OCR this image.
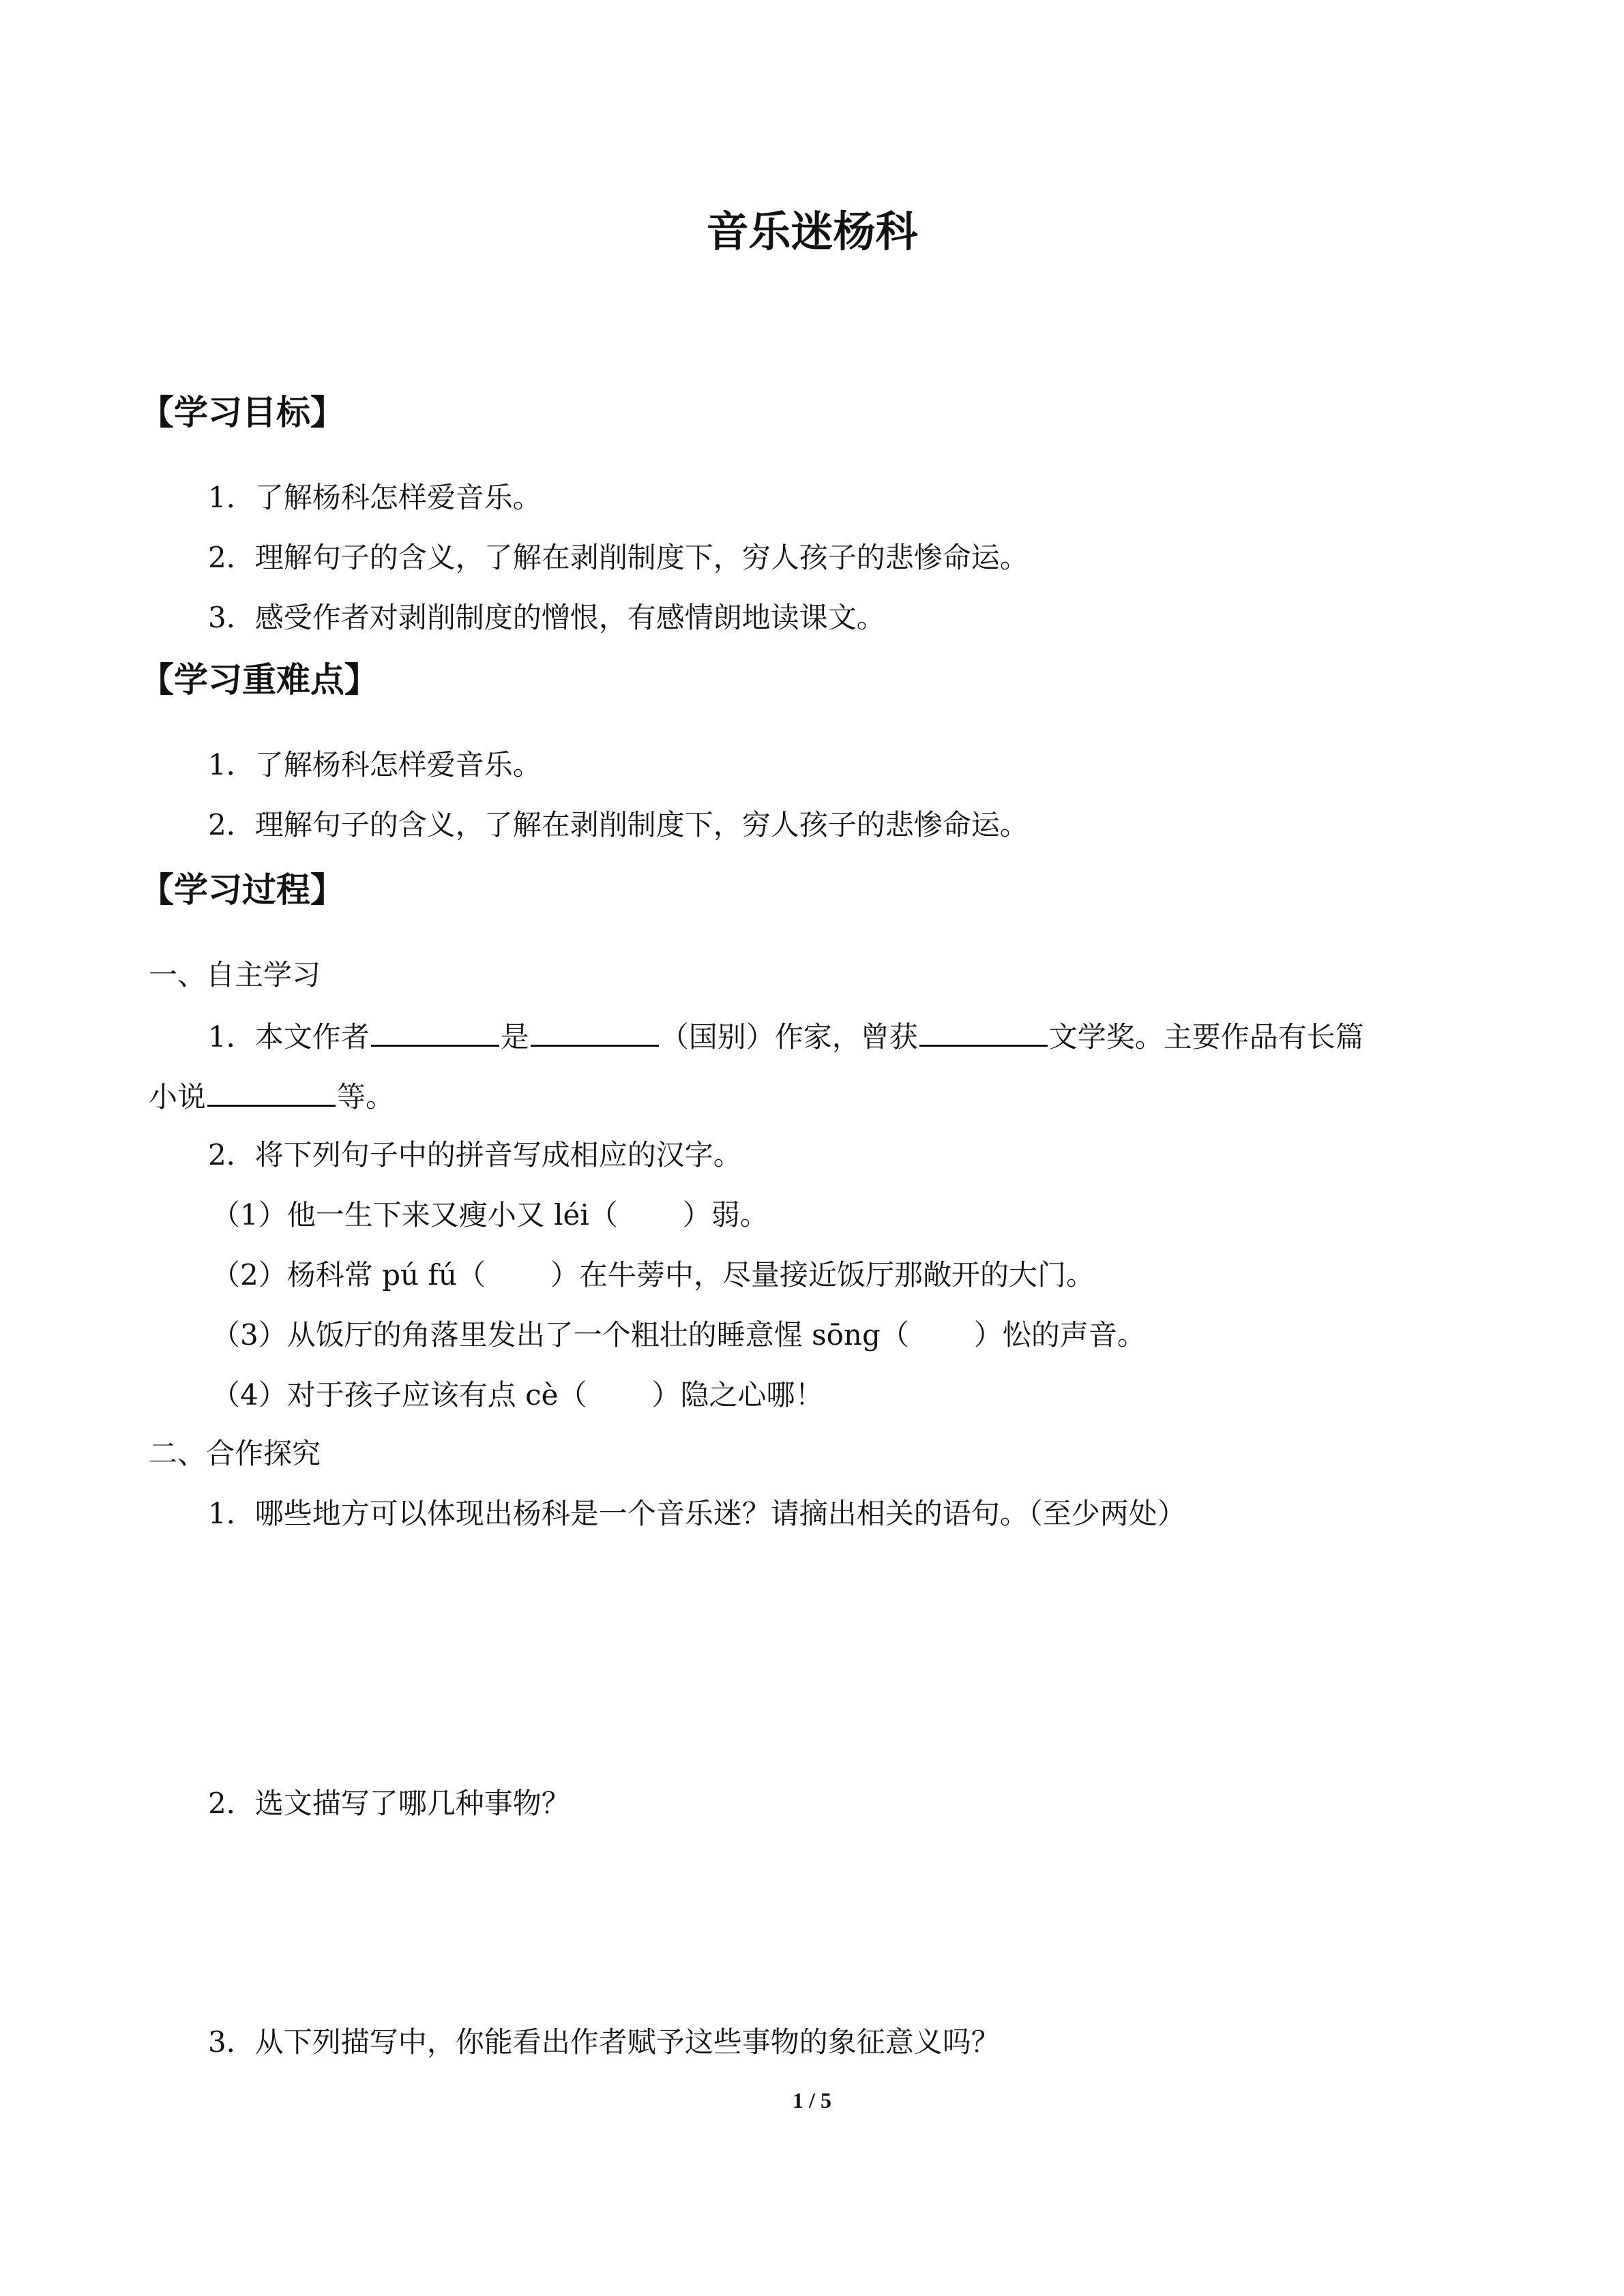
音乐迷杨科
【学习目标】
1．了解杨科怎样爱音乐。
2．理解句子的含义，了解在剥削制度下，穷人孩子的悲惨命运。
3．感受作者对剥削制度的憎恨，有感情朗地读课文。
【学习重难点】
1．了解杨科怎样爱音乐。
2．理解句子的含义，了解在剥削制度下，穷人孩子的悲惨命运。
【学习过程】
一、自主学习
1．本文作者	是	（国别）作家，曾获	文学奖。主要作品有长篇
小说	等。
2．将下列句子中的拼音写成相应的汉字。
（1）他一生下来又瘦小又 léi（ ）弱。
（2）杨科常 pú fú（ ）在牛蒡中，尽量接近饭厅那敞开的大门。
（3）从饭厅的角落里发出了一个粗壮的睡意惺 sōng（ ）忪的声音。
（4）对于孩子应该有点 cè（ ）隐之心哪！
二、合作探究
1．哪些地方可以体现出杨科是一个音乐迷？请摘出相关的语句。（至少两处）
2．选文描写了哪几种事物？
3．从下列描写中，你能看出作者赋予这些事物的象征意义吗？
1 / 5
